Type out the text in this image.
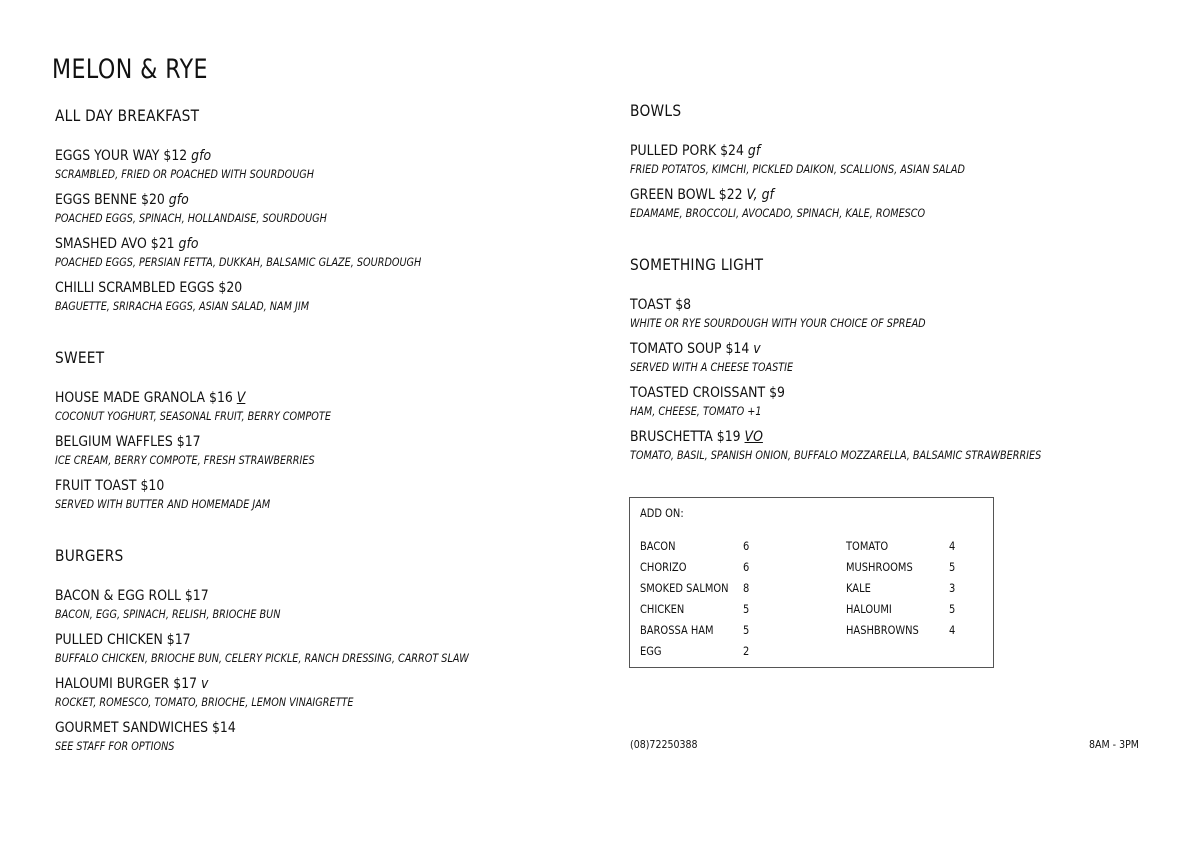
MELON & RYE
ALL DAY BREAKFAST
EGGS YOUR WAY $12 gfo
SCRAMBLED, FRIED OR POACHED WITH SOURDOUGH
EGGS BENNE $20 gfo
POACHED EGGS, SPINACH, HOLLANDAISE, SOURDOUGH
SMASHED AVO $21 gfo
POACHED EGGS, PERSIAN FETTA, DUKKAH, BALSAMIC GLAZE, SOURDOUGH
CHILLI SCRAMBLED EGGS $20
BAGUETTE, SRIRACHA EGGS, ASIAN SALAD, NAM JIM
SWEET
HOUSE MADE GRANOLA $16 V
COCONUT YOGHURT, SEASONAL FRUIT, BERRY COMPOTE
BELGIUM WAFFLES $17
ICE CREAM, BERRY COMPOTE, FRESH STRAWBERRIES
FRUIT TOAST $10
SERVED WITH BUTTER AND HOMEMADE JAM
BURGERS
BACON & EGG ROLL $17
BACON, EGG, SPINACH, RELISH, BRIOCHE BUN
PULLED CHICKEN $17
BUFFALO CHICKEN, BRIOCHE BUN, CELERY PICKLE, RANCH DRESSING, CARROT SLAW
HALOUMI BURGER $17 v
ROCKET, ROMESCO, TOMATO, BRIOCHE, LEMON VINAIGRETTE
GOURMET SANDWICHES $14
SEE STAFF FOR OPTIONS
BOWLS
PULLED PORK $24 gf
FRIED POTATOS, KIMCHI, PICKLED DAIKON, SCALLIONS, ASIAN SALAD
GREEN BOWL $22 V, gf
EDAMAME, BROCCOLI, AVOCADO, SPINACH, KALE, ROMESCO
SOMETHING LIGHT
TOAST $8
WHITE OR RYE SOURDOUGH WITH YOUR CHOICE OF SPREAD
TOMATO SOUP $14 v
SERVED WITH A CHEESE TOASTIE
TOASTED CROISSANT $9
HAM, CHEESE, TOMATO +1
BRUSCHETTA $19 VO
TOMATO, BASIL, SPANISH ONION, BUFFALO MOZZARELLA, BALSAMIC STRAWBERRIES
ADD ON:
BACON	6
CHORIZO	6
SMOKED SALMON 8
CHICKEN	5
BAROSSA HAM	5
EGG	2
TOMATO	4
MUSHROOMS	5
KALE	3
HALOUMI	5
HASHBROWNS	4
(08)72250388	8AM - 3PM
